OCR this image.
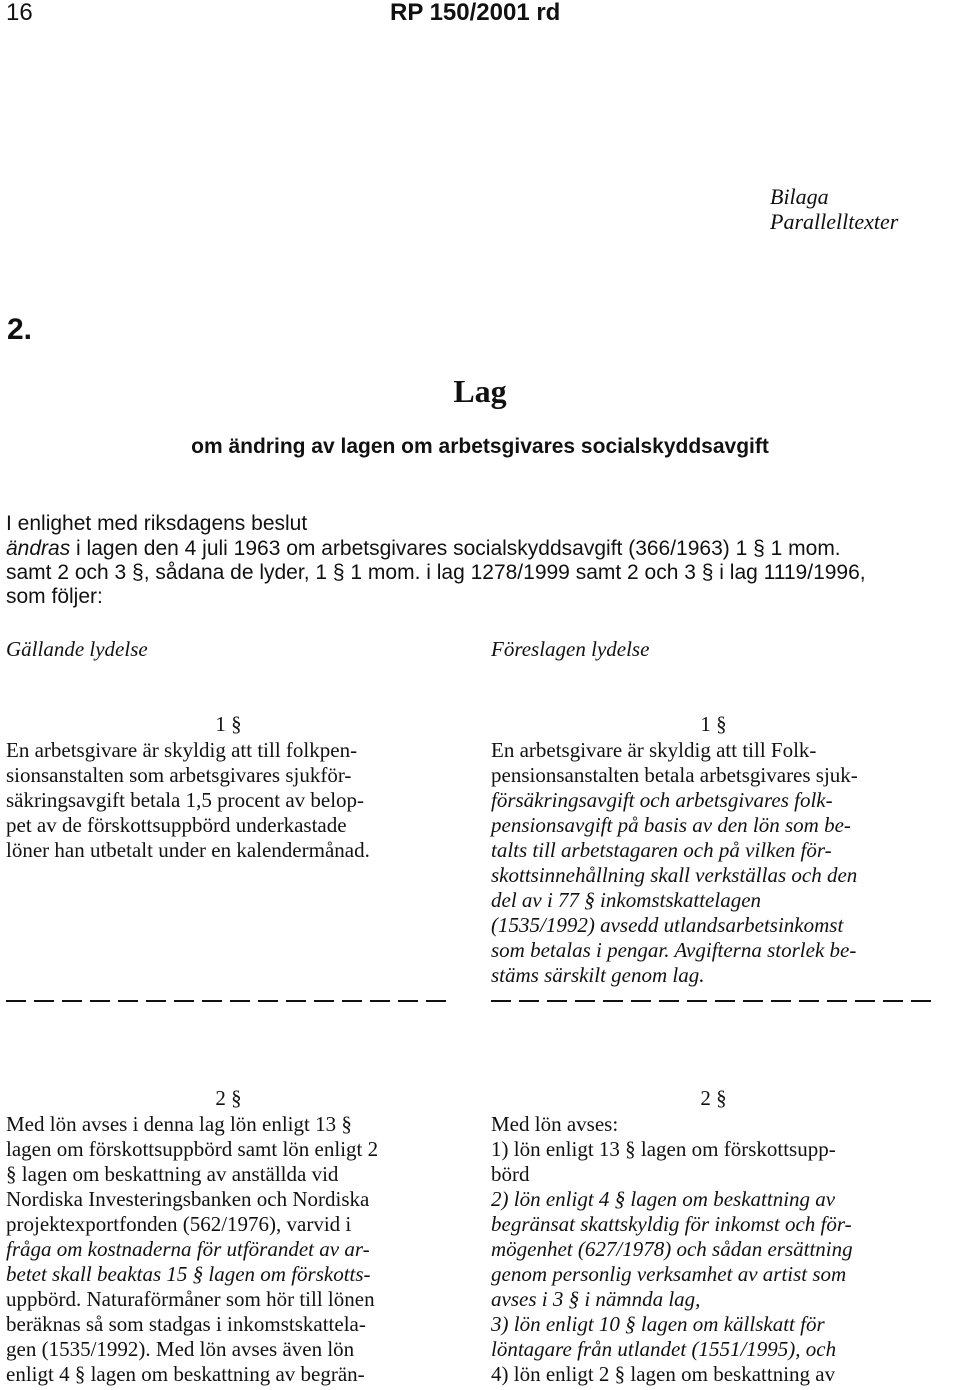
16	RP 150/2001 rd
Bilaga
Parallelltexter
2.
Lag
om ändring av lagen om arbetsgivares socialskyddsavgift
I enlighet med riksdagens beslut
ändras i lagen den 4 juli 1963 om arbetsgivares socialskyddsavgift (366/1963) 1 § 1 mom.
samt 2 och 3 §, sådana de lyder, 1 § 1 mom. i lag 1278/1999 samt 2 och 3 § i lag 1119/1996,
som följer:
Gällande lydelse	Föreslagen lydelse
1 §	1 §
En arbetsgivare är skyldig att till folkpen-
sionsanstalten som arbetsgivares sjukför-
säkringsavgift betala 1,5 procent av belop-
pet av de förskottsuppbörd underkastade
löner han utbetalt under en kalendermånad.
En arbetsgivare är skyldig att till Folk-
pensionsanstalten betala arbetsgivares sjuk-
försäkringsavgift och arbetsgivares folk-
pensionsavgift på basis av den lön som be-
talts till arbetstagaren och på vilken för-
skottsinnehållning skall verkställas och den
del av i 77 § inkomstskattelagen
(1535/1992) avsedd utlandsarbetsinkomst
som betalas i pengar. Avgifterna storlek be-
stäms särskilt genom lag.
2 §	2 §
Med lön avses i denna lag lön enligt 13 §
lagen om förskottsuppbörd samt lön enligt 2
§ lagen om beskattning av anställda vid
Nordiska Investeringsbanken och Nordiska
projektexportfonden (562/1976), varvid i
fråga om kostnaderna för utförandet av ar-
betet skall beaktas 15 § lagen om förskotts-
uppbörd. Naturaförmåner som hör till lönen
beräknas så som stadgas i inkomstskattela-
gen (1535/1992). Med lön avses även lön
enligt 4 § lagen om beskattning av begrän-
Med lön avses:
1) lön enligt 13 § lagen om förskottsupp-
börd
2) lön enligt 4 § lagen om beskattning av
begränsat skattskyldig för inkomst och för-
mögenhet (627/1978) och sådan ersättning
genom personlig verksamhet av artist som
avses i 3 § i nämnda lag,
3) lön enligt 10 § lagen om källskatt för
löntagare från utlandet (1551/1995), och
4) lön enligt 2 § lagen om beskattning av
